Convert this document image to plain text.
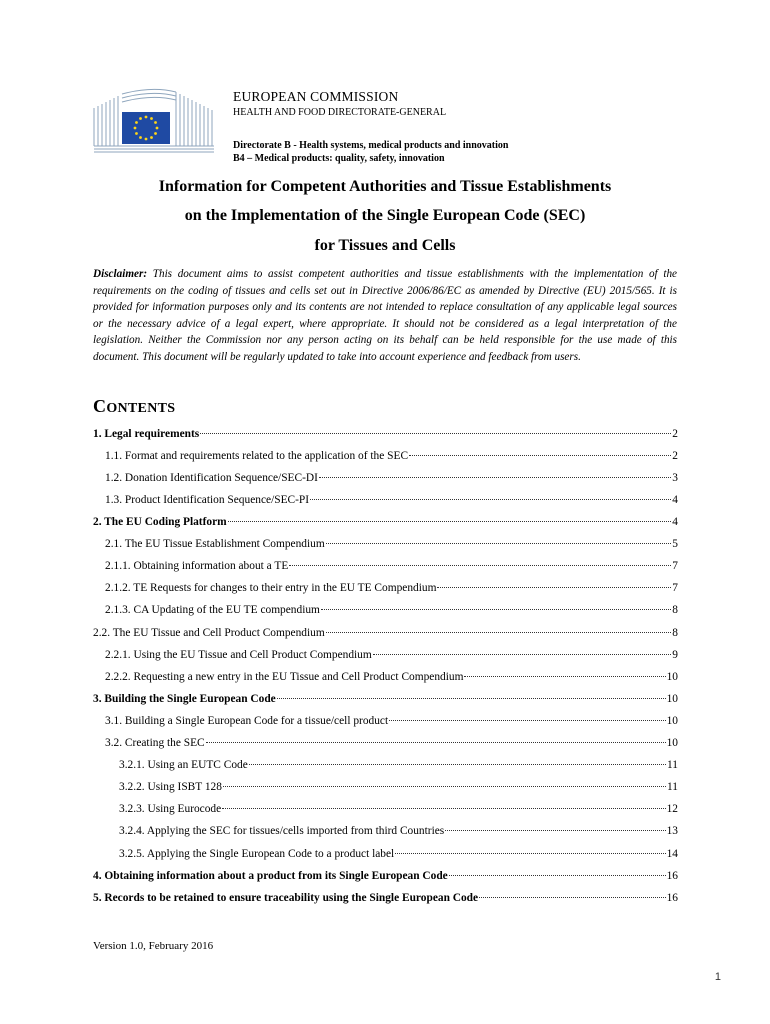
EUROPEAN COMMISSION
HEALTH AND FOOD DIRECTORATE-GENERAL
Directorate B - Health systems, medical products and innovation
B4 – Medical products: quality, safety, innovation
Information for Competent Authorities and Tissue Establishments
on the Implementation of the Single European Code (SEC)
for Tissues and Cells
Disclaimer: This document aims to assist competent authorities and tissue establishments with the implementation of the requirements on the coding of tissues and cells set out in Directive 2006/86/EC as amended by Directive (EU) 2015/565. It is provided for information purposes only and its contents are not intended to replace consultation of any applicable legal sources or the necessary advice of a legal expert, where appropriate. It should not be considered as a legal interpretation of the legislation. Neither the Commission nor any person acting on its behalf can be held responsible for the use made of this document. This document will be regularly updated to take into account experience and feedback from users.
CONTENTS
1. Legal requirements	2
1.1. Format and requirements related to the application of the SEC	2
1.2. Donation Identification Sequence/SEC-DI	3
1.3. Product Identification Sequence/SEC-PI	4
2. The EU Coding Platform	4
2.1. The EU Tissue Establishment Compendium	5
2.1.1. Obtaining information about a TE	7
2.1.2. TE Requests for changes to their entry in the EU TE Compendium	7
2.1.3. CA Updating of the EU TE compendium	8
2.2. The EU Tissue and Cell Product Compendium	8
2.2.1. Using the EU Tissue and Cell Product Compendium	9
2.2.2. Requesting a new entry in the EU Tissue and Cell Product Compendium	10
3. Building the Single European Code	10
3.1. Building a Single European Code for a tissue/cell product	10
3.2. Creating the SEC	10
3.2.1. Using an EUTC Code	11
3.2.2. Using ISBT 128	11
3.2.3. Using Eurocode	12
3.2.4. Applying the SEC for tissues/cells imported from third Countries	13
3.2.5. Applying the Single European Code to a product label	14
4. Obtaining information about a product from its Single European Code	16
5. Records to be retained to ensure traceability using the Single European Code	16
Version 1.0, February 2016
1
